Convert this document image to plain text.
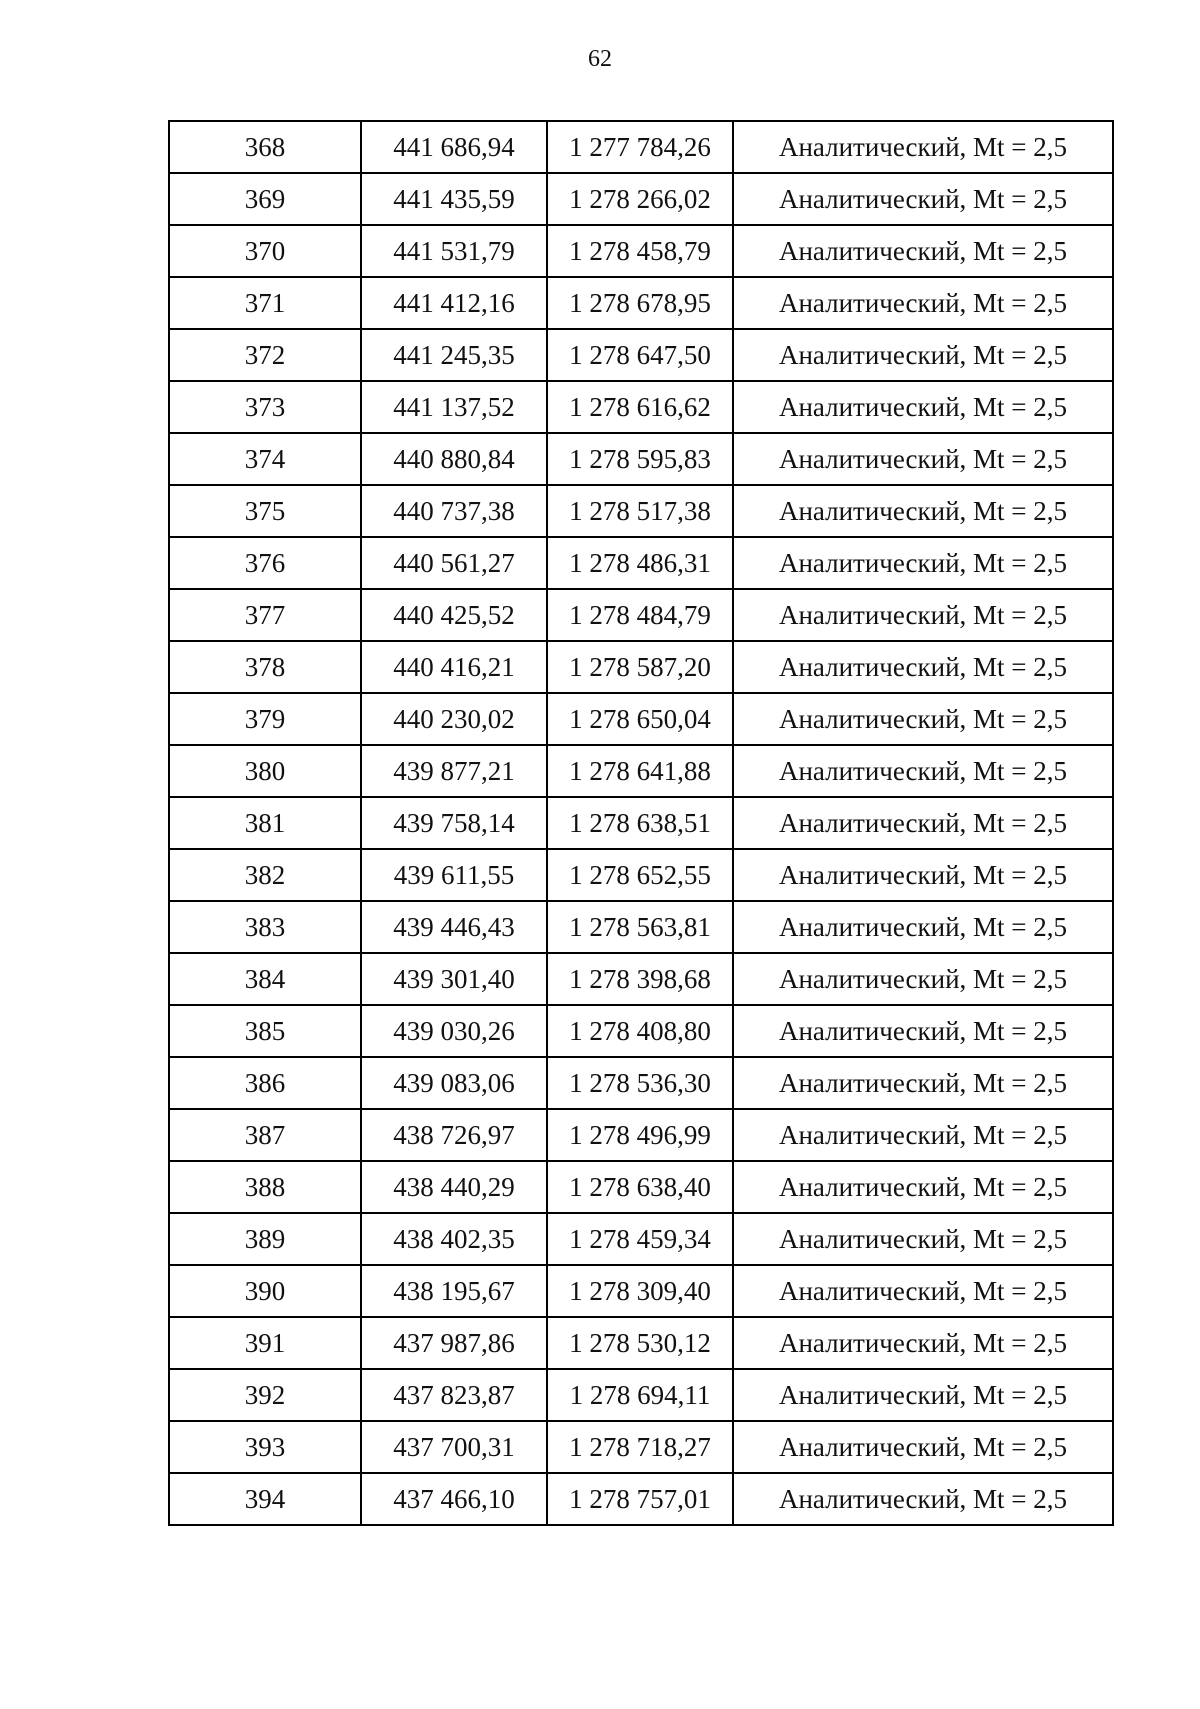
62
368	441 686,94	1 277 784,26	Аналитический, Mt = 2,5
369	441 435,59	1 278 266,02	Аналитический, Mt = 2,5
370	441 531,79	1 278 458,79	Аналитический, Mt = 2,5
371	441 412,16	1 278 678,95	Аналитический, Mt = 2,5
372	441 245,35	1 278 647,50	Аналитический, Mt = 2,5
373	441 137,52	1 278 616,62	Аналитический, Mt = 2,5
374	440 880,84	1 278 595,83	Аналитический, Mt = 2,5
375	440 737,38	1 278 517,38	Аналитический, Mt = 2,5
376	440 561,27	1 278 486,31	Аналитический, Mt = 2,5
377	440 425,52	1 278 484,79	Аналитический, Mt = 2,5
378	440 416,21	1 278 587,20	Аналитический, Mt = 2,5
379	440 230,02	1 278 650,04	Аналитический, Mt = 2,5
380	439 877,21	1 278 641,88	Аналитический, Mt = 2,5
381	439 758,14	1 278 638,51	Аналитический, Mt = 2,5
382	439 611,55	1 278 652,55	Аналитический, Mt = 2,5
383	439 446,43	1 278 563,81	Аналитический, Mt = 2,5
384	439 301,40	1 278 398,68	Аналитический, Mt = 2,5
385	439 030,26	1 278 408,80	Аналитический, Mt = 2,5
386	439 083,06	1 278 536,30	Аналитический, Mt = 2,5
387	438 726,97	1 278 496,99	Аналитический, Mt = 2,5
388	438 440,29	1 278 638,40	Аналитический, Mt = 2,5
389	438 402,35	1 278 459,34	Аналитический, Mt = 2,5
390	438 195,67	1 278 309,40	Аналитический, Mt = 2,5
391	437 987,86	1 278 530,12	Аналитический, Mt = 2,5
392	437 823,87	1 278 694,11	Аналитический, Mt = 2,5
393	437 700,31	1 278 718,27	Аналитический, Mt = 2,5
394	437 466,10	1 278 757,01	Аналитический, Mt = 2,5
